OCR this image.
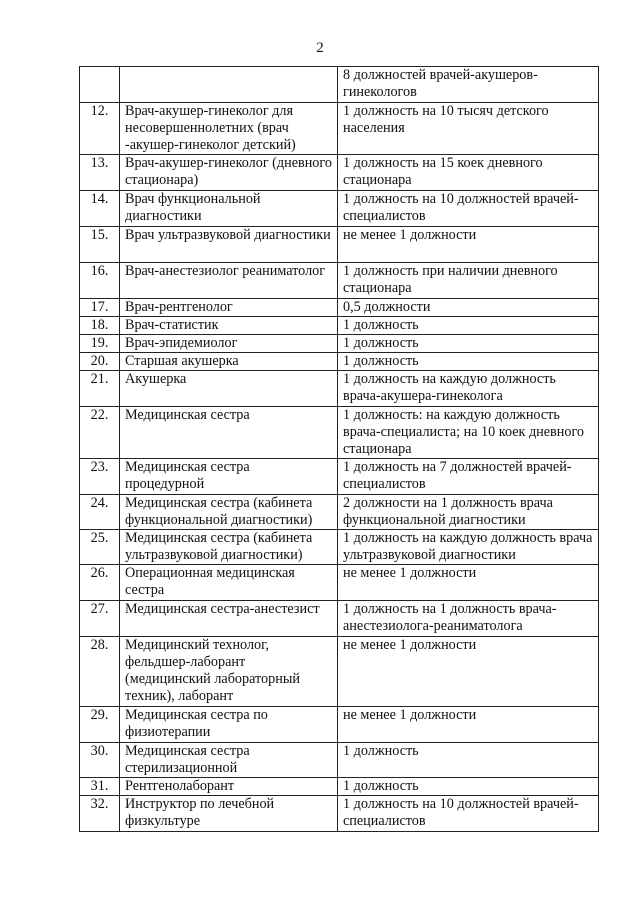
2
		8 должностей врачей-акушеров-гинекологов
12.	Врач-акушер-гинеколог для несовершеннолетних (врач -акушер-гинеколог детский)	1 должность на 10 тысяч детского населения
13.	Врач-акушер-гинеколог (дневного стационара)	1 должность на 15 коек дневного стационара
14.	Врач функциональной диагностики	1 должность на 10 должностей врачей-специалистов
15.	Врач ультразвуковой диагностики	не менее 1 должности
16.	Врач-анестезиолог реаниматолог	1 должность при наличии дневного стационара
17.	Врач-рентгенолог	0,5 должности
18.	Врач-статистик	1 должность
19.	Врач-эпидемиолог	1 должность
20.	Старшая акушерка	1 должность
21.	Акушерка	1 должность на каждую должность врача-акушера-гинеколога
22.	Медицинская сестра	1 должность: на каждую должность врача-специалиста; на 10 коек дневного стационара
23.	Медицинская сестра процедурной	1 должность на 7 должностей врачей-специалистов
24.	Медицинская сестра (кабинета функциональной диагностики)	2 должности на 1 должность врача функциональной диагностики
25.	Медицинская сестра (кабинета ультразвуковой диагностики)	1 должность на каждую должность врача ультразвуковой диагностики
26.	Операционная медицинская сестра	не менее 1 должности
27.	Медицинская сестра-анестезист	1 должность на 1 должность врача-анестезиолога-реаниматолога
28.	Медицинский технолог, фельдшер-лаборант (медицинский лабораторный техник), лаборант	не менее 1 должности
29.	Медицинская сестра по физиотерапии	не менее 1 должности
30.	Медицинская сестра стерилизационной	1 должность
31.	Рентгенолаборант	1 должность
32.	Инструктор по лечебной физкультуре	1 должность на 10 должностей врачей-специалистов
